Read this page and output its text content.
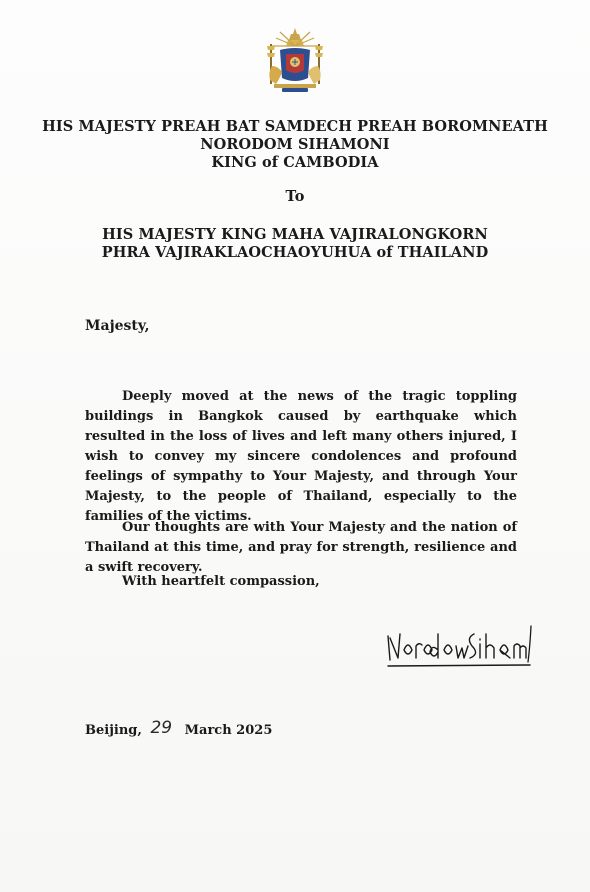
HIS MAJESTY PREAH BAT SAMDECH PREAH BOROMNEATH
NORODOM SIHAMONI
KING of CAMBODIA
To
HIS MAJESTY KING MAHA VAJIRALONGKORN
PHRA VAJIRAKLAOCHAOYUHUA of THAILAND
Majesty,
Deeply moved at the news of the tragic toppling buildings in Bangkok caused by earthquake which resulted in the loss of lives and left many others injured, I wish to convey my sincere condolences and profound feelings of sympathy to Your Majesty, and through Your Majesty, to the people of Thailand, especially to the families of the victims.
Our thoughts are with Your Majesty and the nation of Thailand at this time, and pray for strength, resilience and a swift recovery.
With heartfelt compassion,
Beijing, 29 March 2025
